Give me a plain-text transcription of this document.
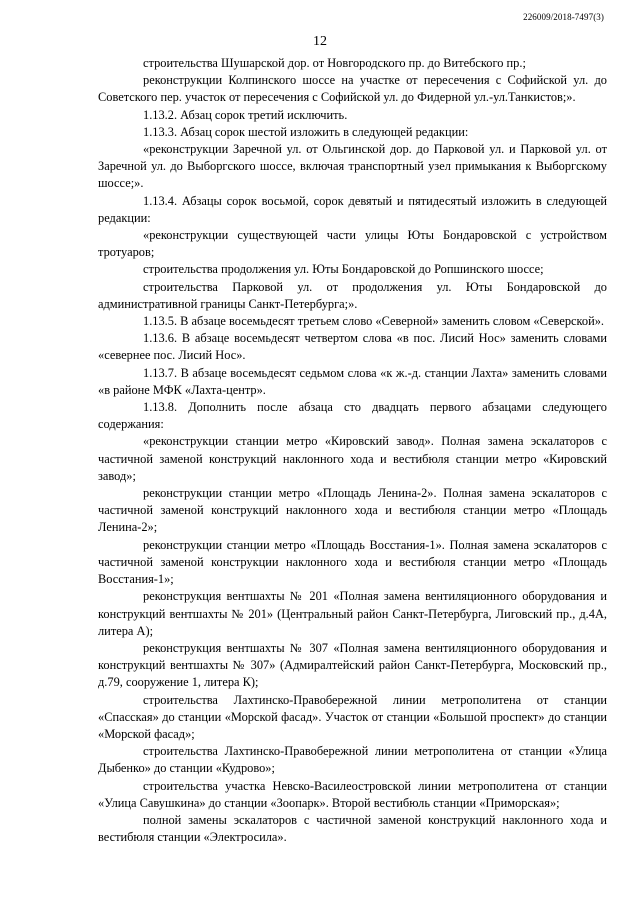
226009/2018-7497(3)
12

строительства Шушарской дор. от Новгородского пр. до Витебского пр.;

реконструкции Колпинского шоссе на участке от пересечения с Софийской ул. до Советского пер. участок от пересечения с Софийской ул. до Фидерной ул.-ул.Танкистов;».

1.13.2. Абзац сорок третий исключить.

1.13.3. Абзац сорок шестой изложить в следующей редакции:

«реконструкции Заречной ул. от Ольгинской дор. до Парковой ул. и Парковой ул. от Заречной ул. до Выборгского шоссе, включая транспортный узел примыкания к Выборгскому шоссе;».

1.13.4. Абзацы сорок восьмой, сорок девятый и пятидесятый изложить в следующей редакции:

«реконструкции существующей части улицы Юты Бондаровской с устройством тротуаров;

строительства продолжения ул. Юты Бондаровской до Ропшинского шоссе;

строительства Парковой ул. от продолжения ул. Юты Бондаровской до административной границы Санкт-Петербурга;».

1.13.5. В абзаце восемьдесят третьем слово «Северной» заменить словом «Северской».

1.13.6. В абзаце восемьдесят четвертом слова «в пос. Лисий Нос» заменить словами «севернее пос. Лисий Нос».

1.13.7. В абзаце восемьдесят седьмом слова «к ж.-д. станции Лахта» заменить словами «в районе МФК «Лахта-центр».

1.13.8. Дополнить после абзаца сто двадцать первого абзацами следующего содержания:

«реконструкции станции метро «Кировский завод». Полная замена эскалаторов с частичной заменой конструкций наклонного хода и вестибюля станции метро «Кировский завод»;

реконструкции станции метро «Площадь Ленина-2». Полная замена эскалаторов с частичной заменой конструкций наклонного хода и вестибюля станции метро «Площадь Ленина-2»;

реконструкции станции метро «Площадь Восстания-1». Полная замена эскалаторов с частичной заменой конструкции наклонного хода и вестибюля станции метро «Площадь Восстания-1»;

реконструкция вентшахты № 201 «Полная замена вентиляционного оборудования и конструкций вентшахты № 201» (Центральный район Санкт-Петербурга, Лиговский пр., д.4А, литера А);

реконструкция вентшахты № 307 «Полная замена вентиляционного оборудования и конструкций вентшахты № 307» (Адмиралтейский район Санкт-Петербурга, Московский пр., д.79, сооружение 1, литера К);

строительства Лахтинско-Правобережной линии метрополитена от станции «Спасская» до станции «Морской фасад». Участок от станции «Большой проспект» до станции «Морской фасад»;

строительства Лахтинско-Правобережной линии метрополитена от станции «Улица Дыбенко» до станции «Кудрово»;

строительства участка Невско-Василеостровской линии метрополитена от станции «Улица Савушкина» до станции «Зоопарк». Второй вестибюль станции «Приморская»;

полной замены эскалаторов с частичной заменой конструкций наклонного хода и вестибюля станции «Электросила».
